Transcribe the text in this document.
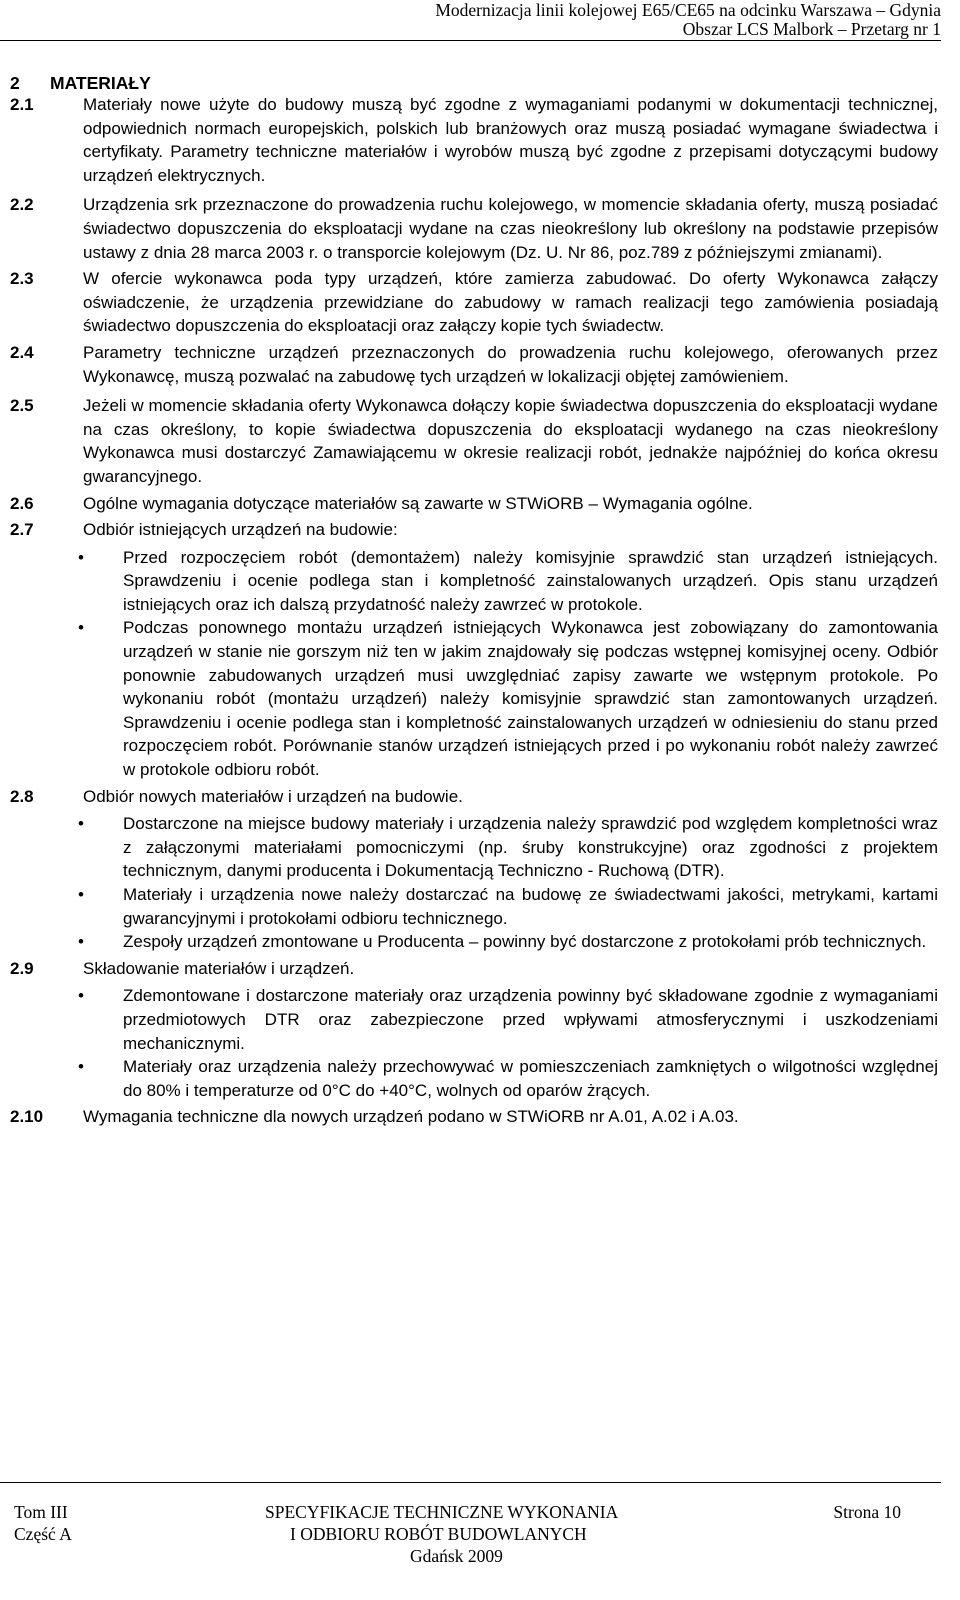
Modernizacja linii kolejowej E65/CE65 na odcinku Warszawa – Gdynia
Obszar LCS Malbork – Przetarg nr 1
2 MATERIAŁY
2.1	Materiały nowe użyte do budowy muszą być zgodne z wymaganiami podanymi w dokumentacji technicznej, odpowiednich normach europejskich, polskich lub branżowych oraz muszą posiadać wymagane świadectwa i certyfikaty. Parametry techniczne materiałów i wyrobów muszą być zgodne z przepisami dotyczącymi budowy urządzeń elektrycznych.
2.2	Urządzenia srk przeznaczone do prowadzenia ruchu kolejowego, w momencie składania oferty, muszą posiadać świadectwo dopuszczenia do eksploatacji wydane na czas nieokreślony lub określony na podstawie przepisów ustawy z dnia 28 marca 2003 r. o transporcie kolejowym (Dz. U. Nr 86, poz.789 z późniejszymi zmianami).
2.3	W ofercie wykonawca poda typy urządzeń, które zamierza zabudować. Do oferty Wykonawca załączy oświadczenie, że urządzenia przewidziane do zabudowy w ramach realizacji tego zamówienia posiadają świadectwo dopuszczenia do eksploatacji oraz załączy kopie tych świadectw.
2.4	Parametry techniczne urządzeń przeznaczonych do prowadzenia ruchu kolejowego, oferowanych przez Wykonawcę, muszą pozwalać na zabudowę tych urządzeń w lokalizacji objętej zamówieniem.
2.5	Jeżeli w momencie składania oferty Wykonawca dołączy kopie świadectwa dopuszczenia do eksploatacji wydane na czas określony, to kopie świadectwa dopuszczenia do eksploatacji wydanego na czas nieokreślony Wykonawca musi dostarczyć Zamawiającemu w okresie realizacji robót, jednakże najpóźniej do końca okresu gwarancyjnego.
2.6	Ogólne wymagania dotyczące materiałów są zawarte w STWiORB – Wymagania ogólne.
2.7	Odbiór istniejących urządzeń na budowie:
• Przed rozpoczęciem robót (demontażem) należy komisyjnie sprawdzić stan urządzeń istniejących. Sprawdzeniu i ocenie podlega stan i kompletność zainstalowanych urządzeń. Opis stanu urządzeń istniejących oraz ich dalszą przydatność należy zawrzeć w protokole.
• Podczas ponownego montażu urządzeń istniejących Wykonawca jest zobowiązany do zamontowania urządzeń w stanie nie gorszym niż ten w jakim znajdowały się podczas wstępnej komisyjnej oceny. Odbiór ponownie zabudowanych urządzeń musi uwzględniać zapisy zawarte we wstępnym protokole. Po wykonaniu robót (montażu urządzeń) należy komisyjnie sprawdzić stan zamontowanych urządzeń. Sprawdzeniu i ocenie podlega stan i kompletność zainstalowanych urządzeń w odniesieniu do stanu przed rozpoczęciem robót. Porównanie stanów urządzeń istniejących przed i po wykonaniu robót należy zawrzeć w protokole odbioru robót.
2.8	Odbiór nowych materiałów i urządzeń na budowie.
• Dostarczone na miejsce budowy materiały i urządzenia należy sprawdzić pod względem kompletności wraz z załączonymi materiałami pomocniczymi (np. śruby konstrukcyjne) oraz zgodności z projektem technicznym, danymi producenta i Dokumentacją Techniczno - Ruchową (DTR).
• Materiały i urządzenia nowe należy dostarczać na budowę ze świadectwami jakości, metrykami, kartami gwarancyjnymi i protokołami odbioru technicznego.
• Zespoły urządzeń zmontowane u Producenta – powinny być dostarczone z protokołami prób technicznych.
2.9	Składowanie materiałów i urządzeń.
• Zdemontowane i dostarczone materiały oraz urządzenia powinny być składowane zgodnie z wymaganiami przedmiotowych DTR oraz zabezpieczone przed wpływami atmosferycznymi i uszkodzeniami mechanicznymi.
• Materiały oraz urządzenia należy przechowywać w pomieszczeniach zamkniętych o wilgotności względnej do 80% i temperaturze od 0°C do +40°C, wolnych od oparów żrących.
2.10 Wymagania techniczne dla nowych urządzeń podano w STWiORB nr A.01, A.02 i A.03.
Tom III
Część A
SPECYFIKACJE TECHNICZNE WYKONANIA
I ODBIORU ROBÓT BUDOWLANYCH
Gdańsk 2009
Strona 10
